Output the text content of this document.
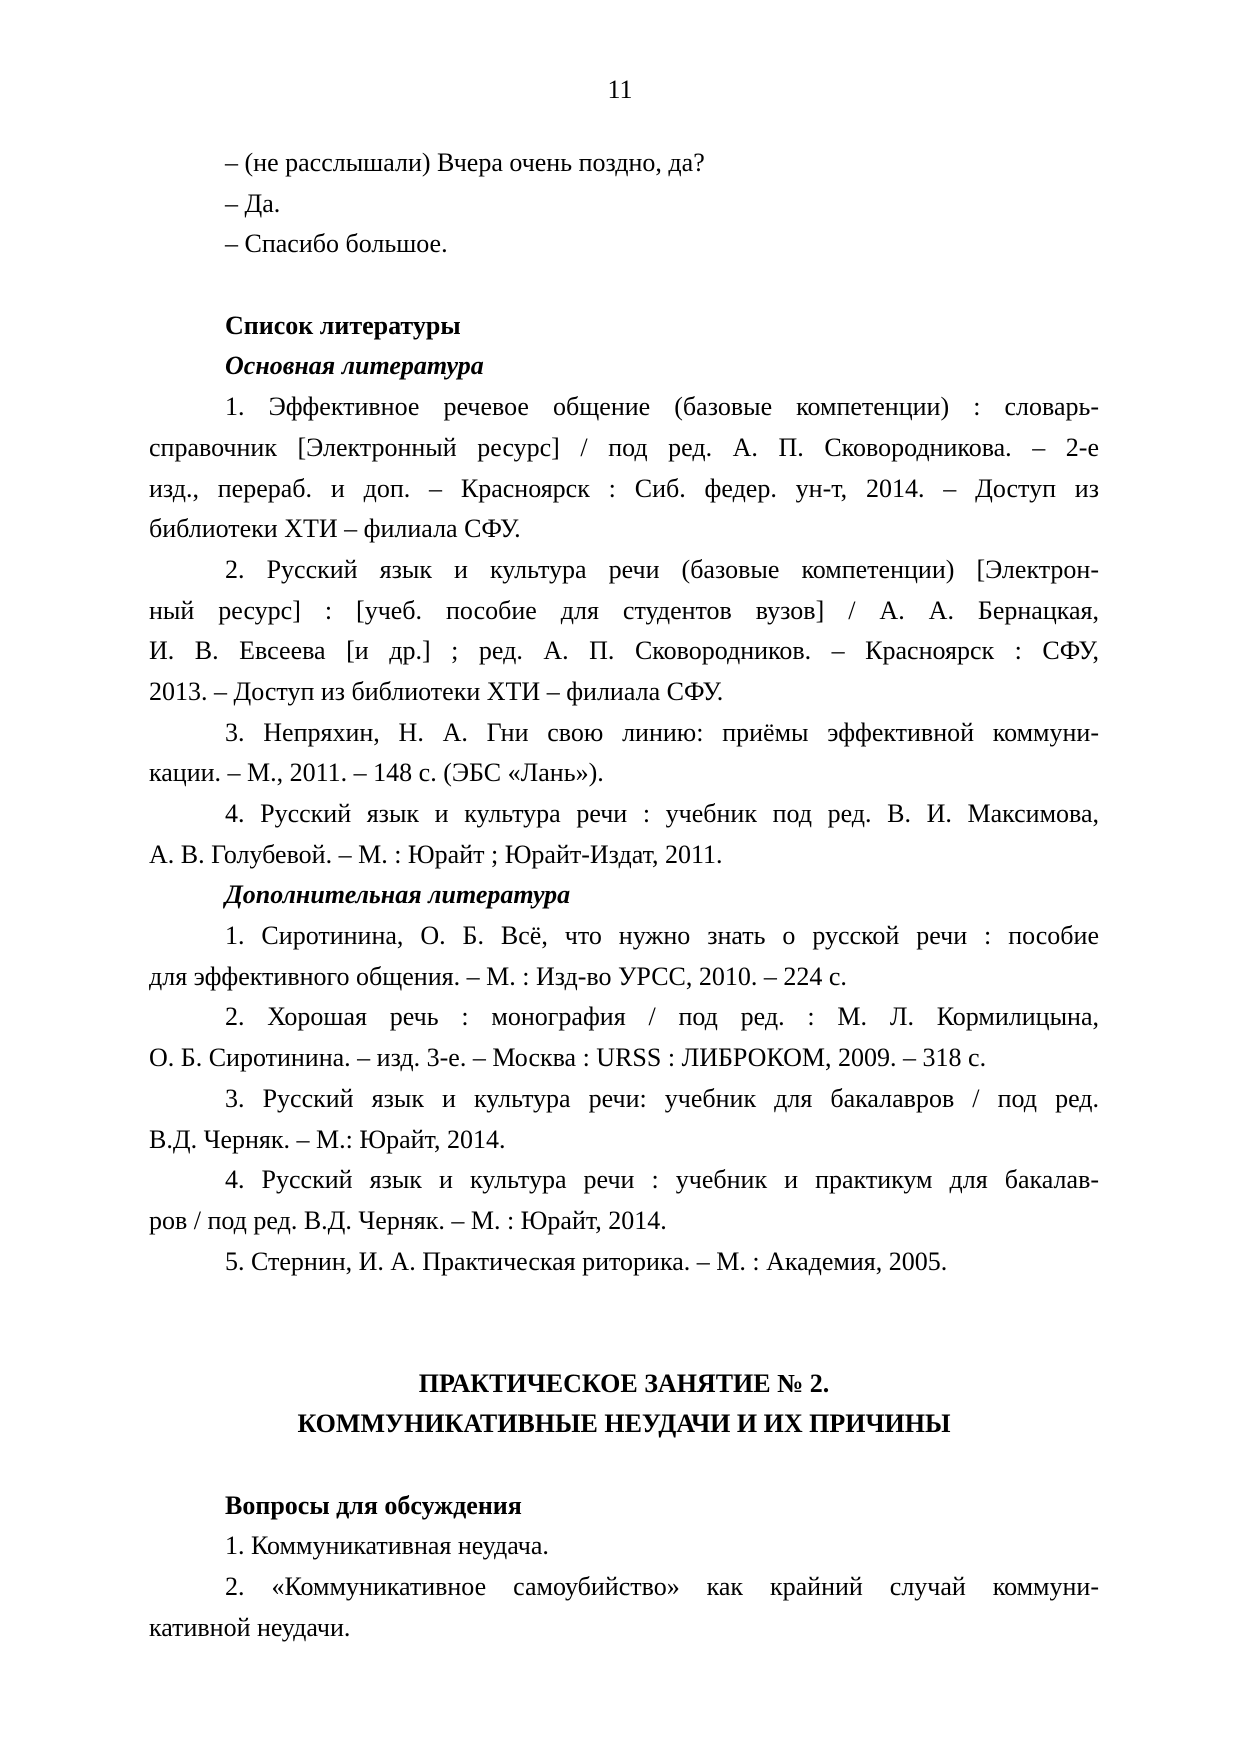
11
– (не расслышали) Вчера очень поздно, да?
– Да.
– Спасибо большое.
Список литературы
Основная литература
1. Эффективное речевое общение (базовые компетенции) : словарь-
справочник [Электронный ресурс] / под ред. А. П. Сковородникова. – 2-е
изд., перераб. и доп. – Красноярск : Сиб. федер. ун-т, 2014. – Доступ из
библиотеки ХТИ – филиала СФУ.
2. Русский язык и культура речи (базовые компетенции) [Электрон-
ный ресурс] : [учеб. пособие для студентов вузов] / А. А. Бернацкая,
И. В. Евсеева [и др.] ; ред. А. П. Сковородников. – Красноярск : СФУ,
2013. – Доступ из библиотеки ХТИ – филиала СФУ.
3. Непряхин, Н. А. Гни свою линию: приёмы эффективной коммуни-
кации. – М., 2011. – 148 с. (ЭБС «Лань»).
4. Русский язык и культура речи : учебник под ред. В. И. Максимова,
А. В. Голубевой. – М. : Юрайт ; Юрайт-Издат, 2011.
Дополнительная литература
1. Сиротинина, О. Б. Всё, что нужно знать о русской речи : пособие
для эффективного общения. – М. : Изд-во УРСС, 2010. – 224 с.
2. Хорошая речь : монография / под ред. : М. Л. Кормилицына,
О. Б. Сиротинина. – изд. 3-е. – Москва : URSS : ЛИБРОКОМ, 2009. – 318 с.
3. Русский язык и культура речи: учебник для бакалавров / под ред.
В.Д. Черняк. – М.: Юрайт, 2014.
4. Русский язык и культура речи : учебник и практикум для бакалав-
ров / под ред. В.Д. Черняк. – М. : Юрайт, 2014.
5. Стернин, И. А. Практическая риторика. – М. : Академия, 2005.
ПРАКТИЧЕСКОЕ ЗАНЯТИЕ № 2.
КОММУНИКАТИВНЫЕ НЕУДАЧИ И ИХ ПРИЧИНЫ
Вопросы для обсуждения
1. Коммуникативная неудача.
2. «Коммуникативное самоубийство» как крайний случай коммуни-
кативной неудачи.
